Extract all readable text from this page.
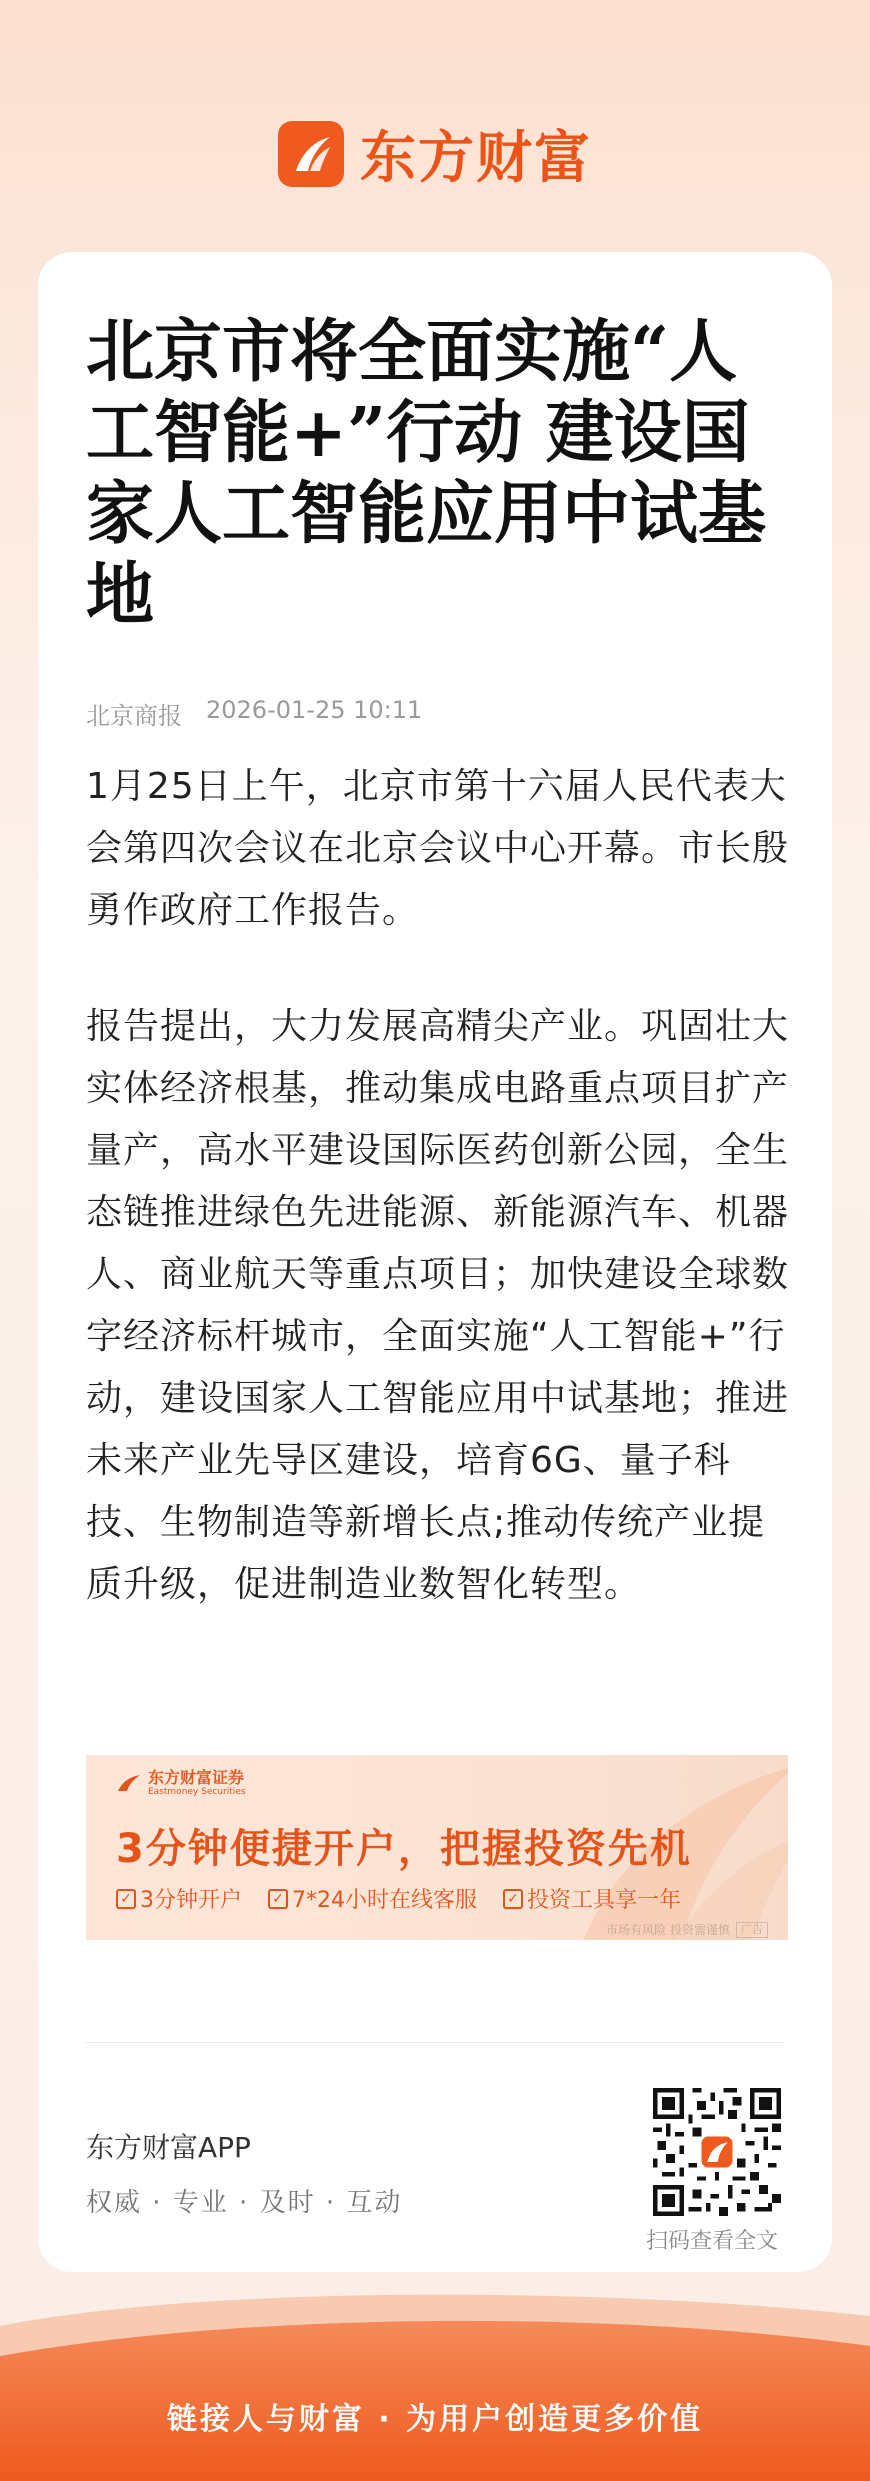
东方财富
北京市将全面实施“人工智能+”行动 建设国家人工智能应用中试基地
北京商报 2026-01-25 10:11

1月25日上午，北京市第十六届人民代表大会第四次会议在北京会议中心开幕。市长殷勇作政府工作报告。

报告提出，大力发展高精尖产业。巩固壮大实体经济根基，推动集成电路重点项目扩产量产，高水平建设国际医药创新公园，全生态链推进绿色先进能源、新能源汽车、机器人、商业航天等重点项目；加快建设全球数字经济标杆城市，全面实施“人工智能+”行动，建设国家人工智能应用中试基地；推进未来产业先导区建设，培育6G、量子科技、生物制造等新增长点;推动传统产业提质升级，促进制造业数智化转型。

东方财富证券
Eastmoney Securities
3分钟便捷开户，把握投资先机
✓ 3分钟开户 ✓ 7*24小时在线客服 ✓ 投资工具享一年
市场有风险 投资需谨慎	广告
东方财富APP
权威 · 专业 · 及时 · 互动
扫码查看全文
链接人与财富 · 为用户创造更多价值
